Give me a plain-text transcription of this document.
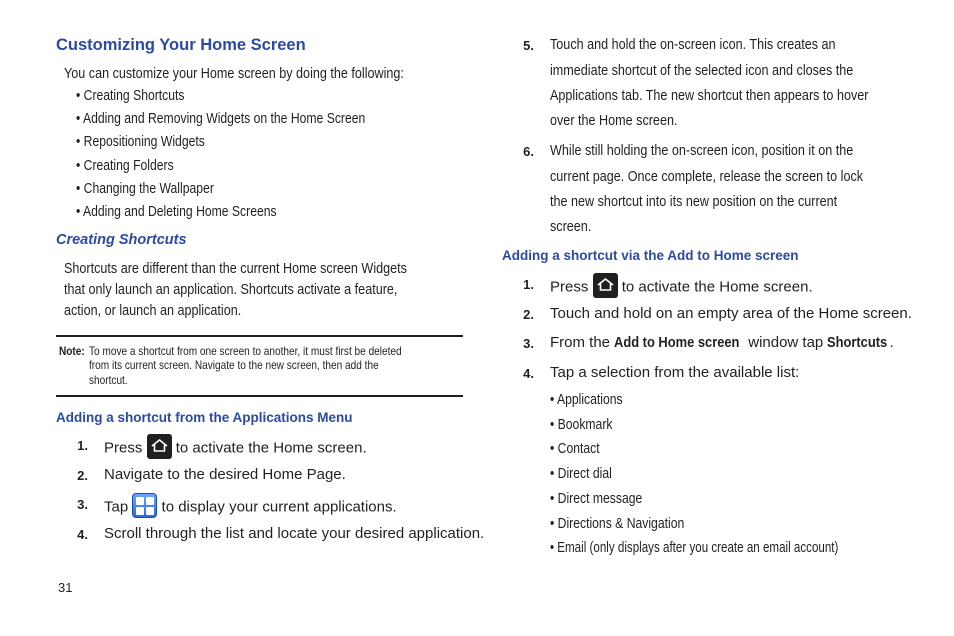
Customizing Your Home Screen
You can customize your Home screen by doing the following:
• Creating Shortcuts
• Adding and Removing Widgets on the Home Screen
• Repositioning Widgets
• Creating Folders
• Changing the Wallpaper
• Adding and Deleting Home Screens
Creating Shortcuts
Shortcuts are different than the current Home screen Widgets
that only launch an application. Shortcuts activate a feature,
action, or launch an application.
Note: To move a shortcut from one screen to another, it must first be deleted
from its current screen. Navigate to the new screen, then add the
shortcut.
Adding a shortcut from the Applications Menu
1. Press to activate the Home screen.
2. Navigate to the desired Home Page.
3. Tap to display your current applications.
4. Scroll through the list and locate your desired application.
31
5. Touch and hold the on-screen icon. This creates an
immediate shortcut of the selected icon and closes the
Applications tab. The new shortcut then appears to hover
over the Home screen.
6. While still holding the on-screen icon, position it on the
current page. Once complete, release the screen to lock
the new shortcut into its new position on the current
screen.
Adding a shortcut via the Add to Home screen
1. Press to activate the Home screen.
2. Touch and hold on an empty area of the Home screen.
3. From the Add to Home screen window tap Shortcuts .
4. Tap a selection from the available list:
• Applications
• Bookmark
• Contact
• Direct dial
• Direct message
• Directions & Navigation
• Email (only displays after you create an email account)
